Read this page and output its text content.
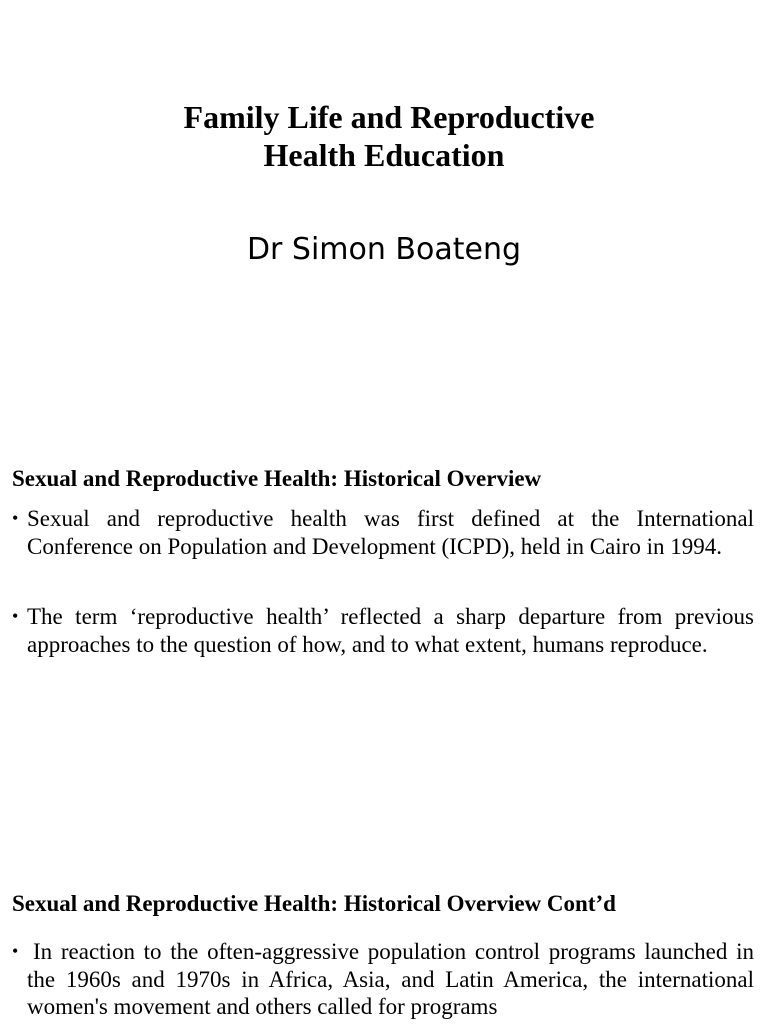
Family Life and Reproductive
Health Education
Dr Simon Boateng
Sexual and Reproductive Health: Historical Overview
• Sexual and reproductive health was first defined at the International Conference on Population and Development (ICPD), held in Cairo in 1994.
• The term ‘reproductive health’ reflected a sharp departure from previous approaches to the question of how, and to what extent, humans reproduce.
Sexual and Reproductive Health: Historical Overview Cont’d
• In reaction to the often-aggressive population control programs launched in the 1960s and 1970s in Africa, Asia, and Latin America, the international women's movement and others called for programs
